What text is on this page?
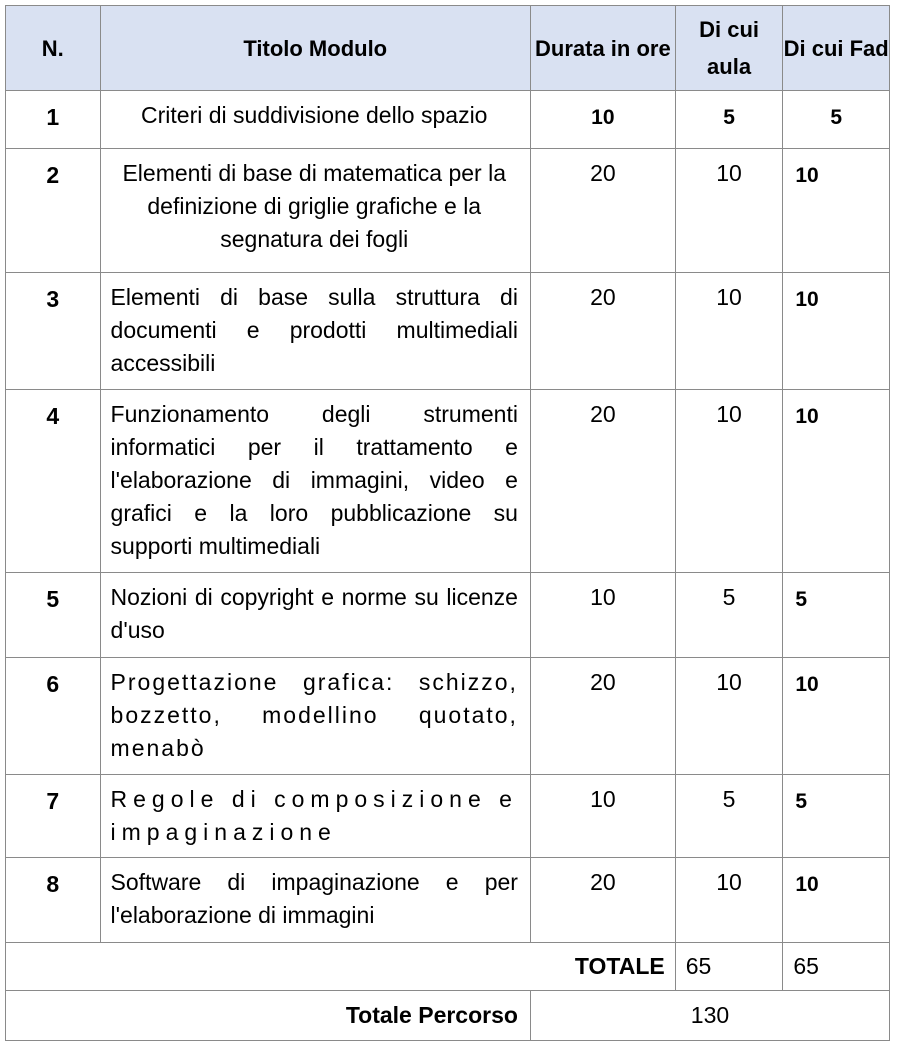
N.	Titolo Modulo	Durata in ore	Di cui aula	Di cui Fad
1	Criteri di suddivisione dello spazio	10	5	5
2	Elementi di base di matematica per la definizione di griglie grafiche e la segnatura dei fogli	20	10	10
3	Elementi di base sulla struttura di documenti e prodotti multimediali accessibili	20	10	10
4	Funzionamento degli strumenti informatici per il trattamento e l'elaborazione di immagini, video e grafici e la loro pubblicazione su supporti multimediali	20	10	10
5	Nozioni di copyright e norme su licenze d'uso	10	5	5
6	Progettazione grafica: schizzo, bozzetto, modellino quotato, menabò	20	10	10
7	Regole di composizione e impaginazione	10	5	5
8	Software di impaginazione e per l'elaborazione di immagini	20	10	10
TOTALE			65	65
Totale Percorso		130		
